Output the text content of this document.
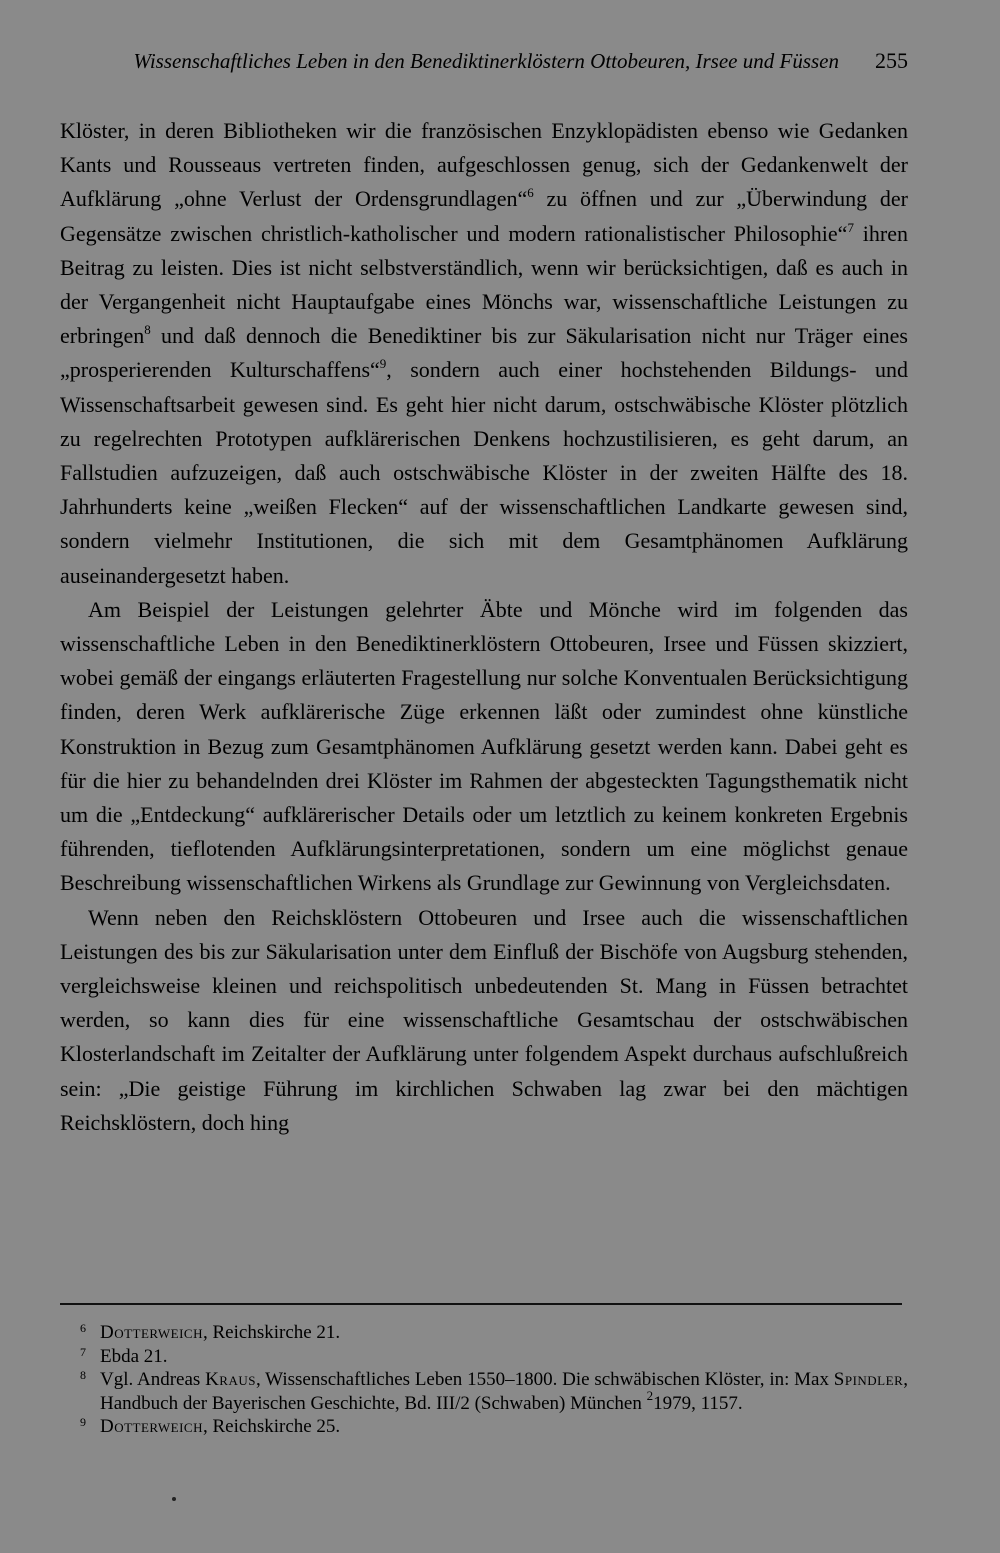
Wissenschaftliches Leben in den Benediktinerklöstern Ottobeuren, Irsee und Füssen 255

Klöster, in deren Bibliotheken wir die französischen Enzyklopädisten ebenso wie Gedanken Kants und Rousseaus vertreten finden, aufgeschlossen genug, sich der Gedankenwelt der Aufklärung „ohne Verlust der Ordensgrundlagen“$^6$ zu öffnen und zur „Überwindung der Gegensätze zwischen christlich-katholischer und modern rationalistischer Philosophie“$^7$ ihren Beitrag zu leisten. Dies ist nicht selbstverständlich, wenn wir berücksichtigen, daß es auch in der Vergangenheit nicht Hauptaufgabe eines Mönchs war, wissenschaftliche Leistungen zu erbringen$^8$ und daß dennoch die Benediktiner bis zur Säkularisation nicht nur Träger eines „prosperierenden Kulturschaffens“$^9$, sondern auch einer hochstehenden Bildungs- und Wissenschaftsarbeit gewesen sind. Es geht hier nicht darum, ostschwäbische Klöster plötzlich zu regelrechten Prototypen aufklärerischen Denkens hochzustilisieren, es geht darum, an Fallstudien aufzuzeigen, daß auch ostschwäbische Klöster in der zweiten Hälfte des 18. Jahrhunderts keine „weißen Flecken“ auf der wissenschaftlichen Landkarte gewesen sind, sondern vielmehr Institutionen, die sich mit dem Gesamtphänomen Aufklärung auseinandergesetzt haben.

Am Beispiel der Leistungen gelehrter Äbte und Mönche wird im folgenden das wissenschaftliche Leben in den Benediktinerklöstern Ottobeuren, Irsee und Füssen skizziert, wobei gemäß der eingangs erläuterten Fragestellung nur solche Konventualen Berücksichtigung finden, deren Werk aufklärerische Züge erkennen läßt oder zumindest ohne künstliche Konstruktion in Bezug zum Gesamtphänomen Aufklärung gesetzt werden kann. Dabei geht es für die hier zu behandelnden drei Klöster im Rahmen der abgesteckten Tagungsthematik nicht um die „Entdeckung“ aufklärerischer Details oder um letztlich zu keinem konkreten Ergebnis führenden, tieflotenden Aufklärungsinterpretationen, sondern um eine möglichst genaue Beschreibung wissenschaftlichen Wirkens als Grundlage zur Gewinnung von Vergleichsdaten.

Wenn neben den Reichsklöstern Ottobeuren und Irsee auch die wissenschaftlichen Leistungen des bis zur Säkularisation unter dem Einfluß der Bischöfe von Augsburg stehenden, vergleichsweise kleinen und reichspolitisch unbedeutenden St. Mang in Füssen betrachtet werden, so kann dies für eine wissenschaftliche Gesamtschau der ostschwäbischen Klosterlandschaft im Zeitalter der Aufklärung unter folgendem Aspekt durchaus aufschlußreich sein: „Die geistige Führung im kirchlichen Schwaben lag zwar bei den mächtigen Reichsklöstern, doch hing

6 Dotterweich, Reichskirche 21.
7 Ebda 21.
8 Vgl. Andreas Kraus, Wissenschaftliches Leben 1550–1800. Die schwäbischen Klöster, in: Max Spindler, Handbuch der Bayerischen Geschichte, Bd. III/2 (Schwaben) München $^2$1979, 1157.
9 Dotterweich, Reichskirche 25.
